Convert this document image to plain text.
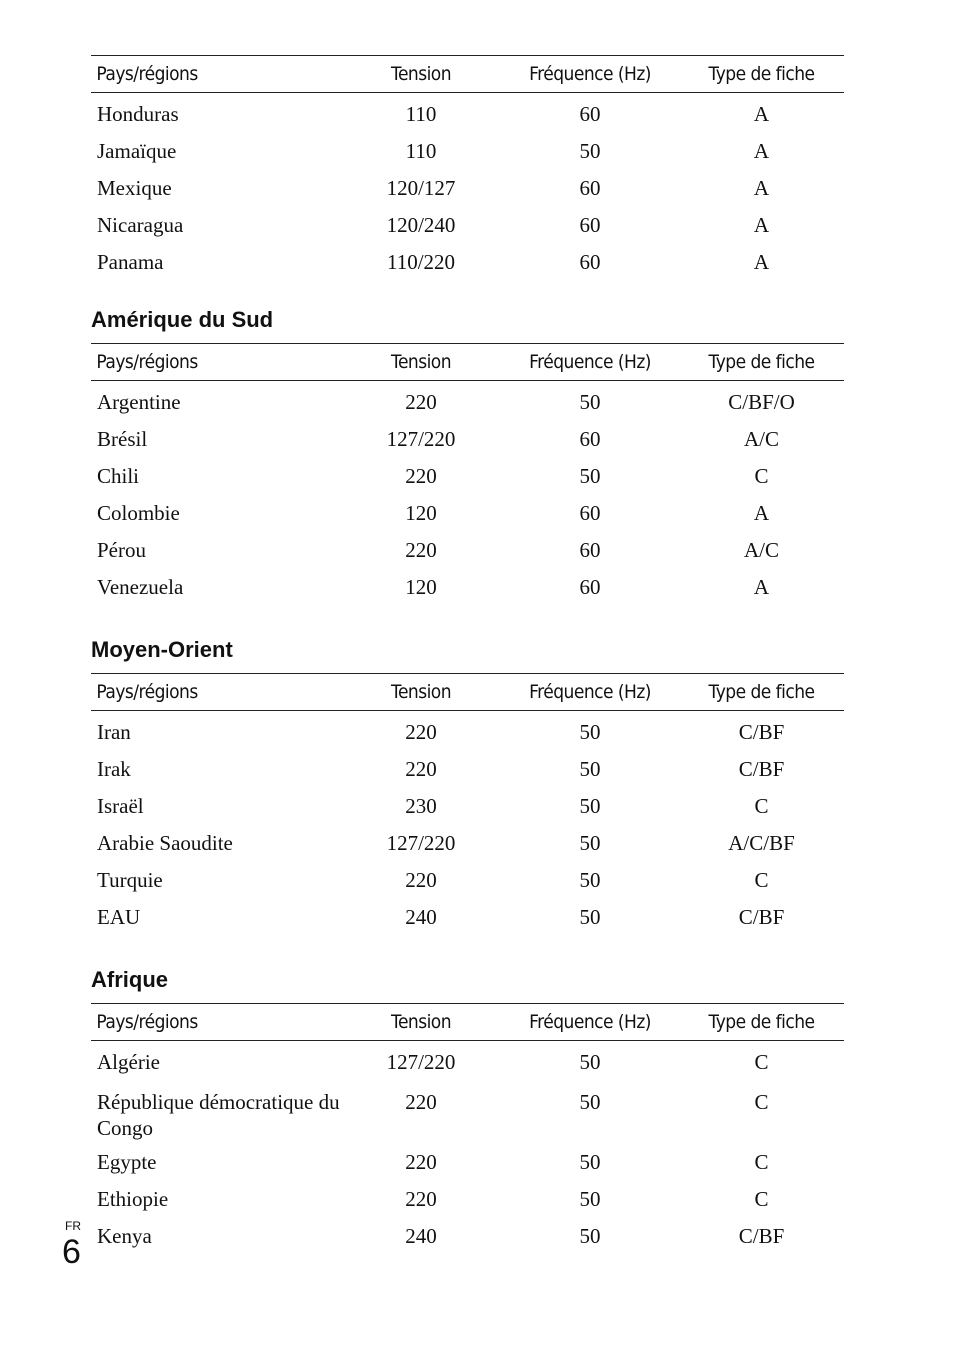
Pays/régions	Tension	Fréquence (Hz)	Type de fiche
Honduras	110	60	A
Jamaïque	110	50	A
Mexique	120/127	60	A
Nicaragua	120/240	60	A
Panama	110/220	60	A
Amérique du Sud
Pays/régions	Tension	Fréquence (Hz)	Type de fiche
Argentine	220	50	C/BF/O
Brésil	127/220	60	A/C
Chili	220	50	C
Colombie	120	60	A
Pérou	220	60	A/C
Venezuela	120	60	A
Moyen-Orient
Pays/régions	Tension	Fréquence (Hz)	Type de fiche
Iran	220	50	C/BF
Irak	220	50	C/BF
Israël	230	50	C
Arabie Saoudite	127/220	50	A/C/BF
Turquie	220	50	C
EAU	240	50	C/BF
Afrique
Pays/régions	Tension	Fréquence (Hz)	Type de fiche
Algérie	127/220	50	C
République démocratique du Congo	220	50	C
Egypte	220	50	C
Ethiopie	220	50	C
Kenya	240	50	C/BF
FR
6
